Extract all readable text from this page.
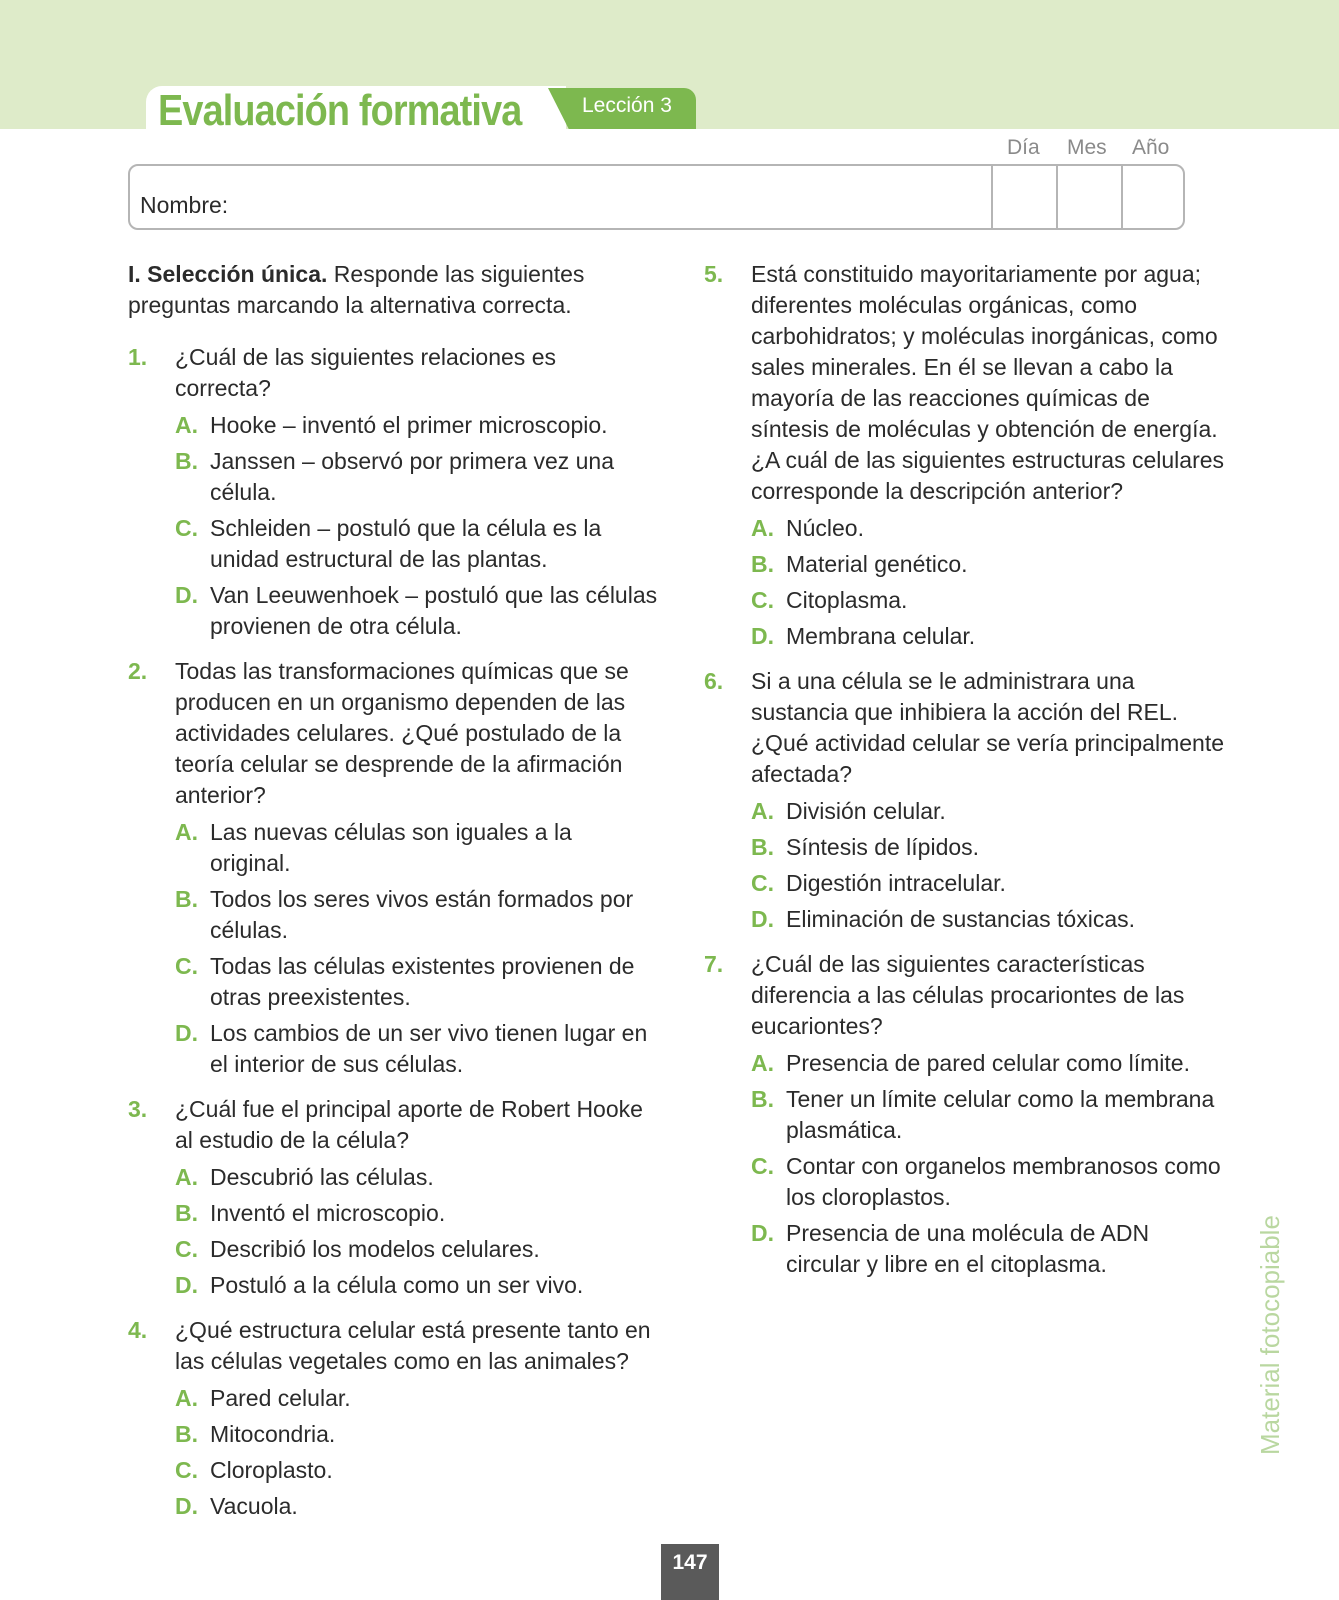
Evaluación formativa	Lección 3
Día Mes Año
Nombre:

I. Selección única. Responde las siguientes preguntas marcando la alternativa correcta.

1. ¿Cuál de las siguientes relaciones es correcta?
A. Hooke – inventó el primer microscopio.
B. Janssen – observó por primera vez una célula.
C. Schleiden – postuló que la célula es la unidad estructural de las plantas.
D. Van Leeuwenhoek – postuló que las células provienen de otra célula.
2. Todas las transformaciones químicas que se producen en un organismo dependen de las actividades celulares. ¿Qué postulado de la teoría celular se desprende de la afirmación anterior?
A. Las nuevas células son iguales a la original.
B. Todos los seres vivos están formados por células.
C. Todas las células existentes provienen de otras preexistentes.
D. Los cambios de un ser vivo tienen lugar en el interior de sus células.
3. ¿Cuál fue el principal aporte de Robert Hooke al estudio de la célula?
A. Descubrió las células.
B. Inventó el microscopio.
C. Describió los modelos celulares.
D. Postuló a la célula como un ser vivo.
4. ¿Qué estructura celular está presente tanto en las células vegetales como en las animales?
A. Pared celular.
B. Mitocondria.
C. Cloroplasto.
D. Vacuola.
5. Está constituido mayoritariamente por agua; diferentes moléculas orgánicas, como carbohidratos; y moléculas inorgánicas, como sales minerales. En él se llevan a cabo la mayoría de las reacciones químicas de síntesis de moléculas y obtención de energía. ¿A cuál de las siguientes estructuras celulares corresponde la descripción anterior?
A. Núcleo.
B. Material genético.
C. Citoplasma.
D. Membrana celular.
6. Si a una célula se le administrara una sustancia que inhibiera la acción del REL. ¿Qué actividad celular se vería principalmente afectada?
A. División celular.
B. Síntesis de lípidos.
C. Digestión intracelular.
D. Eliminación de sustancias tóxicas.
7. ¿Cuál de las siguientes características diferencia a las células procariontes de las eucariontes?
A. Presencia de pared celular como límite.
B. Tener un límite celular como la membrana plasmática.
C. Contar con organelos membranosos como los cloroplastos.
D. Presencia de una molécula de ADN circular y libre en el citoplasma.	Material fotocopiable
147
